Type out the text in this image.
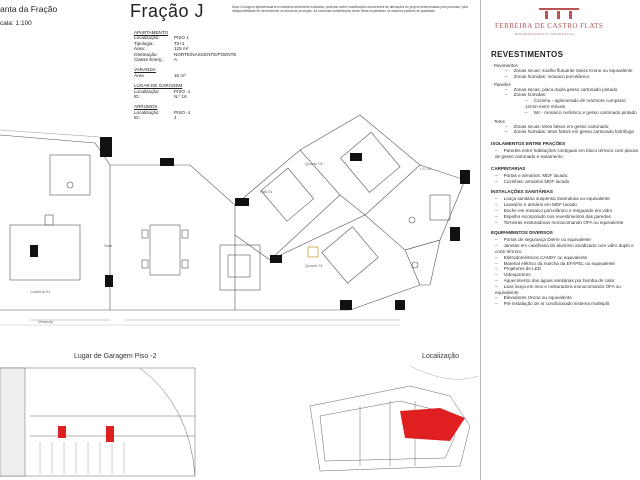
anta da Fração
cala: 1:100
Fração J	Nota: A fotogem apresentada tem natureza meramente indicativa, podendo sofrer modificações decorrentes de alterações do projeto determinadas pelo promotor, pela indisponibilidade de fornecimento ou tomas de produção. As eventuais substituições serão feitas respeitando os mesmos padrões de qualidade.
APARTAMENTO
Localização:	PISO 1
Tipologia:	T2+1
Área:	125 m²
Orientação:	NORTE/NASCENTE/POENTE
Classe Energ.:	A
VARANDA
Área	15 m²
LUGAR DE GARAGEM
Localização:	PISO -1
ID:	N.º 16
ARRUMOS
Localização:	PISO -1
ID:	J
Quarto 02
Quarto 01
Hall 01
I.S. 01
Sala
Cozinha 01
Varanda
Lugar de Garagem Piso -2	Localização
FERREIRA DE CASTRO FLATS
EMPREENDIMENTO RESIDENCIAL
REVESTIMENTOS
- Pavimentos
– Zonas secas: soalho flutuante Swiss Krono ou equivalente
– Zonas húmidas: mosaico porcelânico
- Paredes
– Zonas secas: placa dupla gesso cartonado pintado
– Zonas húmidas:
– Cozinha - aglomerado de mármore compacto 12mm entre móveis
– Wc - mosaico cerâmico e gesso cartonado pintado
- Tetos
– Zonas secas: tetos falsos em gesso cartonado;
– Zonas húmidas: tetos falsos em gesso cartonado hidrófugo
ISOLAMENTOS ENTRE FRAÇÕES
– Paredes entre habitações contíguas em bloco térmico com placas de gesso cartonado e isolamento
CARPINTARIAS
– Portas e armários: MDF lacado;
– Cozinhas: armários MDF lacado
INSTALAÇÕES SANITÁRIAS
– Louça sanitária suspensa Sanindusa ou equivalente
– Lavatório e armário em MDF lacado
– Duche em mosaico porcelânico e resguardo em vidro
– Espelho incorporado nos revestimentos das paredes
– Torneiras misturadoras monocomando OFA ou equivalente
EQUIPAMENTOS DIVERSOS
– Portas de segurança Dierre ou equivalente
– Janelas em caixilharia de alumínio anodizado com vidro duplo e corte térmico
– Eletrodomésticos CANDY ou equivalente
– Material elétrico da marcha da EFAPEL ou equivalente
– Projetores de LED
– Videoporteiro
– Aquecimento das águas sanitárias por bomba de calor
– Lava louça em inox e misturadora monocomando OFA ou equivalente
– Elevadores Orona ou equivalente
– Pré instalação de ar condicionado sistema multisplit
